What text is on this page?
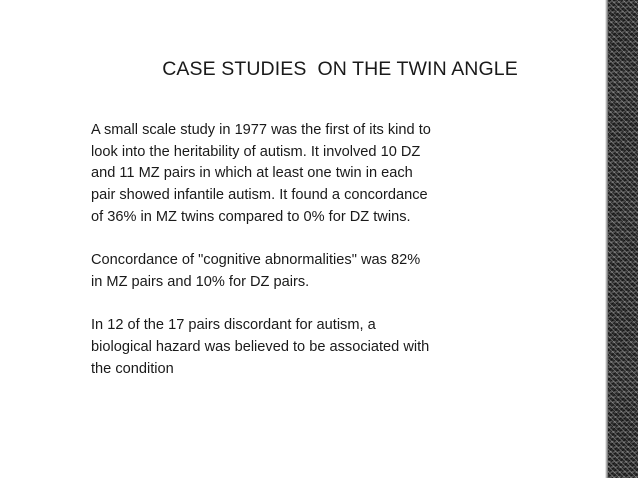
CASE STUDIES  ON THE TWIN ANGLE

A small scale study in 1977 was the first of its kind to
look into the heritability of autism. It involved 10 DZ
and 11 MZ pairs in which at least one twin in each
pair showed infantile autism. It found a concordance
of 36% in MZ twins compared to 0% for DZ twins.

Concordance of "cognitive abnormalities" was 82%
in MZ pairs and 10% for DZ pairs.

In 12 of the 17 pairs discordant for autism, a
biological hazard was believed to be associated with
the condition
